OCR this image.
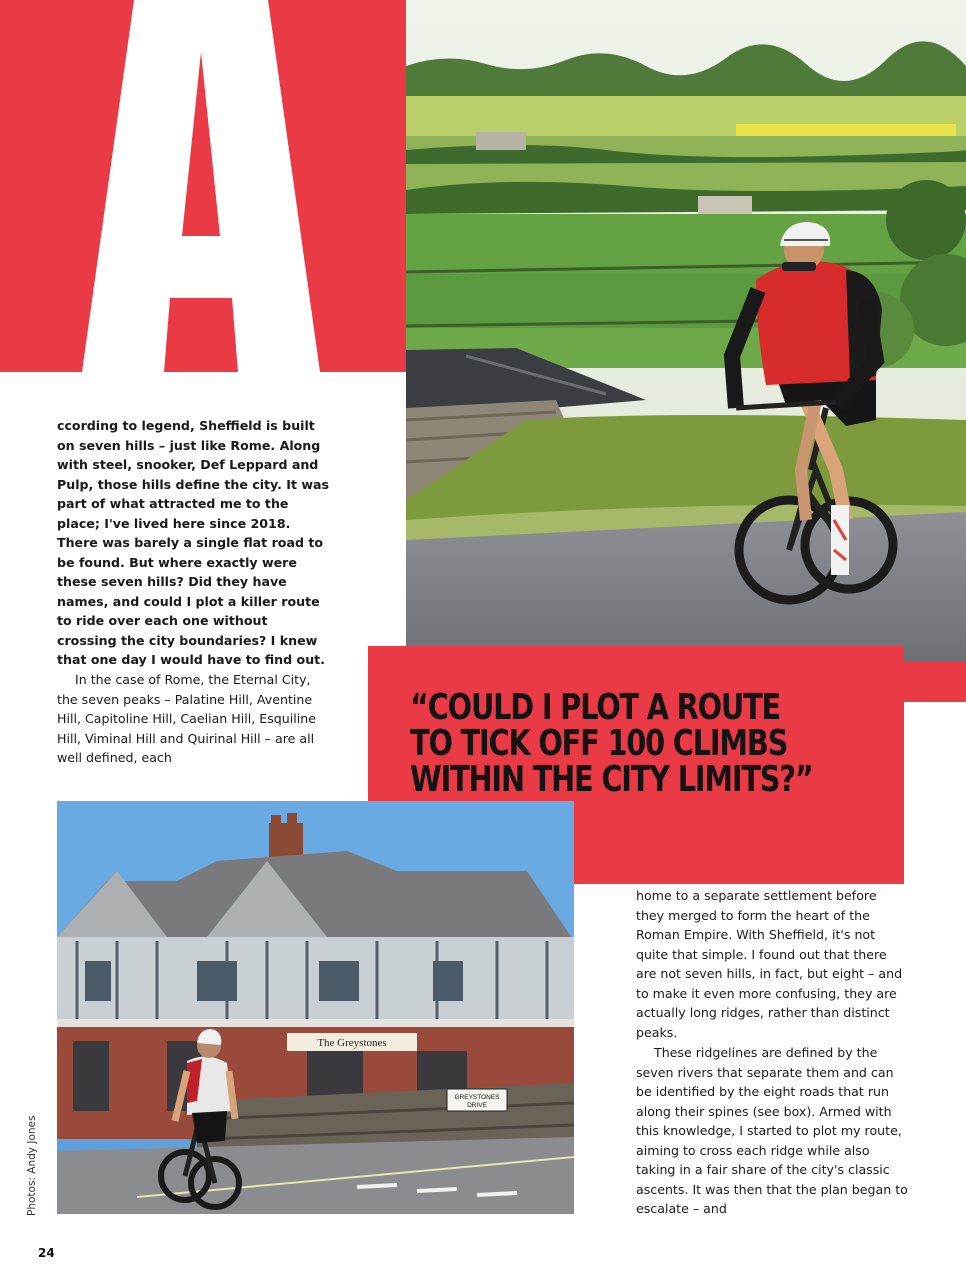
“COULD I PLOT A ROUTE
TO TICK OFF 100 CLIMBS
WITHIN THE CITY LIMITS?”

ccording to legend, Sheffield is built on seven hills – just like Rome. Along with steel, snooker, Def Leppard and Pulp, those hills define the city. It was part of what attracted me to the place; I've lived here since 2018. There was barely a single flat road to be found. But where exactly were these seven hills? Did they have names, and could I plot a killer route to ride over each one without crossing the city boundaries? I knew that one day I would have to find out.

In the case of Rome, the Eternal City, the seven peaks – Palatine Hill, Aventine Hill, Capitoline Hill, Caelian Hill, Esquiline Hill, Viminal Hill and Quirinal Hill – are all well defined, each

home to a separate settlement before they merged to form the heart of the Roman Empire. With Sheffield, it's not quite that simple. I found out that there are not seven hills, in fact, but eight – and to make it even more confusing, they are actually long ridges, rather than distinct peaks.

These ridgelines are defined by the seven rivers that separate them and can be identified by the eight roads that run along their spines (see box). Armed with this knowledge, I started to plot my route, aiming to cross each ridge while also taking in a fair share of the city's classic ascents. It was then that the plan began to escalate – and

The Greystones
GREYSTONES
DRIVE
Photos: Andy Jones
24
